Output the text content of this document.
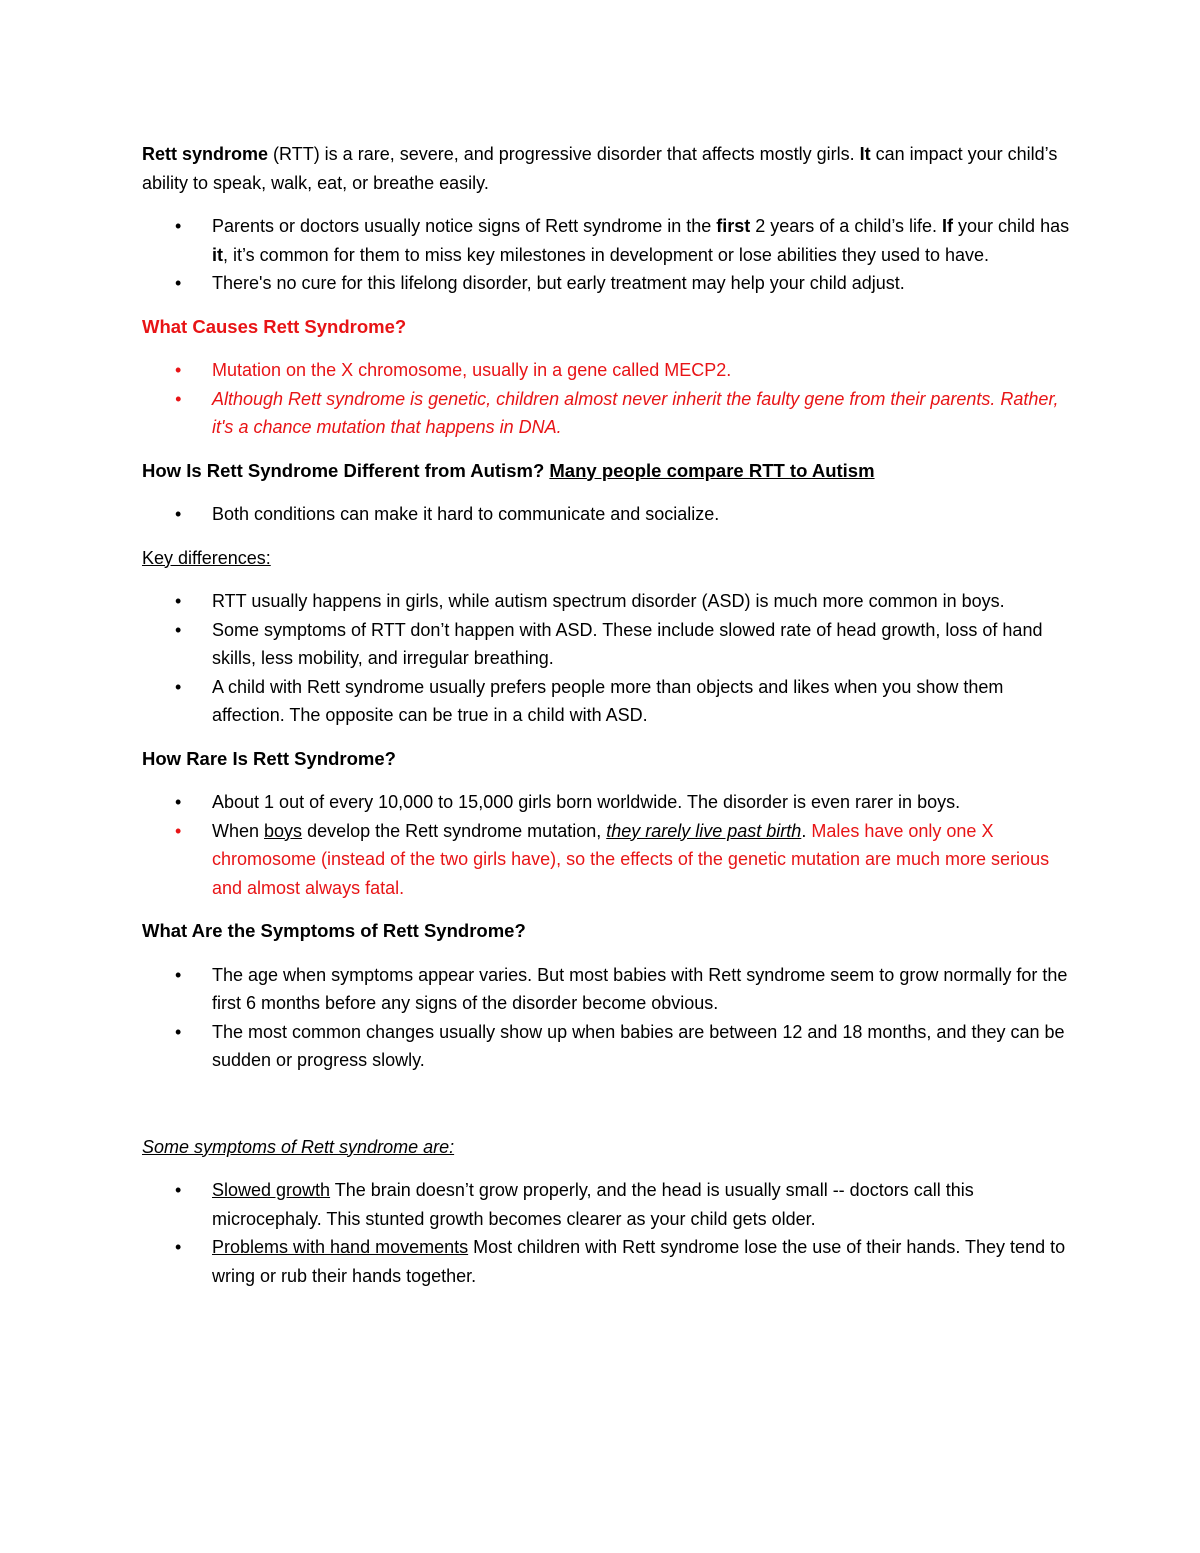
Rett syndrome (RTT) is a rare, severe, and progressive disorder that affects mostly girls. It can impact your child’s ability to speak, walk, eat, or breathe easily.

• Parents or doctors usually notice signs of Rett syndrome in the first 2 years of a child’s life. If your child has it, it’s common for them to miss key milestones in development or lose abilities they used to have.
• There's no cure for this lifelong disorder, but early treatment may help your child adjust.

What Causes Rett Syndrome?

• Mutation on the X chromosome, usually in a gene called MECP2.
• Although Rett syndrome is genetic, children almost never inherit the faulty gene from their parents. Rather, it's a chance mutation that happens in DNA.

How Is Rett Syndrome Different from Autism? Many people compare RTT to Autism

• Both conditions can make it hard to communicate and socialize.

Key differences:

• RTT usually happens in girls, while autism spectrum disorder (ASD) is much more common in boys.
• Some symptoms of RTT don’t happen with ASD. These include slowed rate of head growth, loss of hand skills, less mobility, and irregular breathing.
• A child with Rett syndrome usually prefers people more than objects and likes when you show them affection. The opposite can be true in a child with ASD.

How Rare Is Rett Syndrome?

• About 1 out of every 10,000 to 15,000 girls born worldwide. The disorder is even rarer in boys.
• When boys develop the Rett syndrome mutation, they rarely live past birth. Males have only one X chromosome (instead of the two girls have), so the effects of the genetic mutation are much more serious and almost always fatal.

What Are the Symptoms of Rett Syndrome?

• The age when symptoms appear varies. But most babies with Rett syndrome seem to grow normally for the first 6 months before any signs of the disorder become obvious.
• The most common changes usually show up when babies are between 12 and 18 months, and they can be sudden or progress slowly.

Some symptoms of Rett syndrome are:

• Slowed growth The brain doesn’t grow properly, and the head is usually small -- doctors call this microcephaly. This stunted growth becomes clearer as your child gets older.
• Problems with hand movements Most children with Rett syndrome lose the use of their hands. They tend to wring or rub their hands together.
